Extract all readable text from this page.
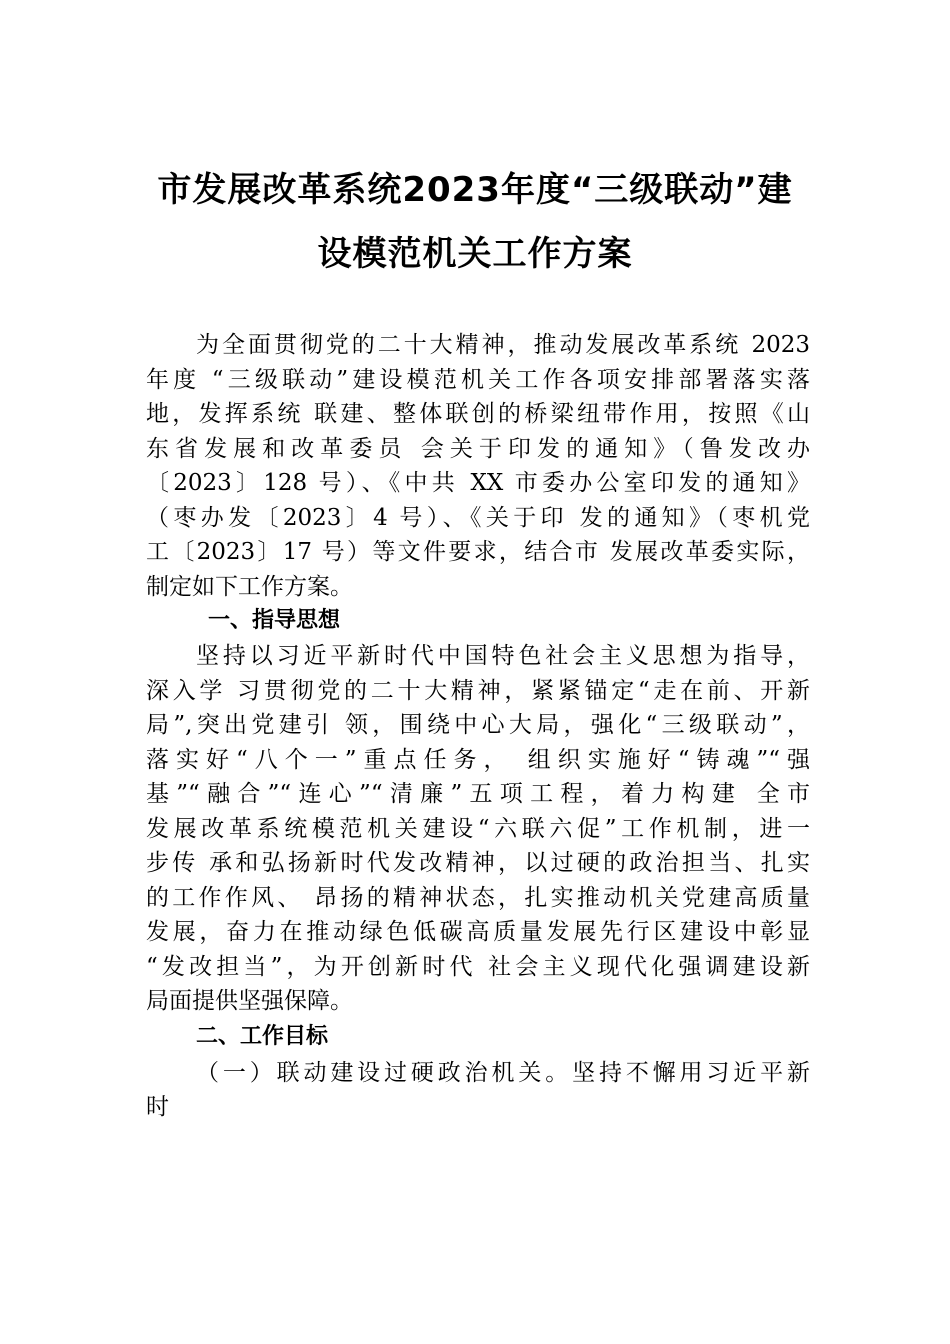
市发展改革系统2023年度“三级联动”建
设模范机关工作方案
为全面贯彻党的二十大精神，推动发展改革系统 2023
年度 “三级联动”建设模范机关工作各项安排部署落实落
地，发挥系统 联建、整体联创的桥梁纽带作用，按照《山
东省发展和改革委员 会关于印发的通知》（鲁发改办
〔2023〕128 号）、《中共 XX 市委办公室印发的通知》
（枣办发〔2023〕4 号）、《关于印 发的通知》（枣机党
工〔2023〕17 号）等文件要求，结合市 发展改革委实际，
制定如下工作方案。
一、指导思想
坚持以习近平新时代中国特色社会主义思想为指导，
深入学 习贯彻党的二十大精神，紧紧锚定“走在前、开新
局”,突出党建引 领，围绕中心大局，强化“三级联动”，
落实好“八个一”重点任务， 组织实施好“铸魂”“强
基”“融合”“连心”“清廉”五项工程，着力构建 全市
发展改革系统模范机关建设“六联六促”工作机制，进一
步传 承和弘扬新时代发改精神，以过硬的政治担当、扎实
的工作作风、 昂扬的精神状态，扎实推动机关党建高质量
发展，奋力在推动绿色低碳高质量发展先行区建设中彰显
“发改担当”，为开创新时代 社会主义现代化强调建设新
局面提供坚强保障。
二、工作目标
（一）联动建设过硬政治机关。坚持不懈用习近平新
时
